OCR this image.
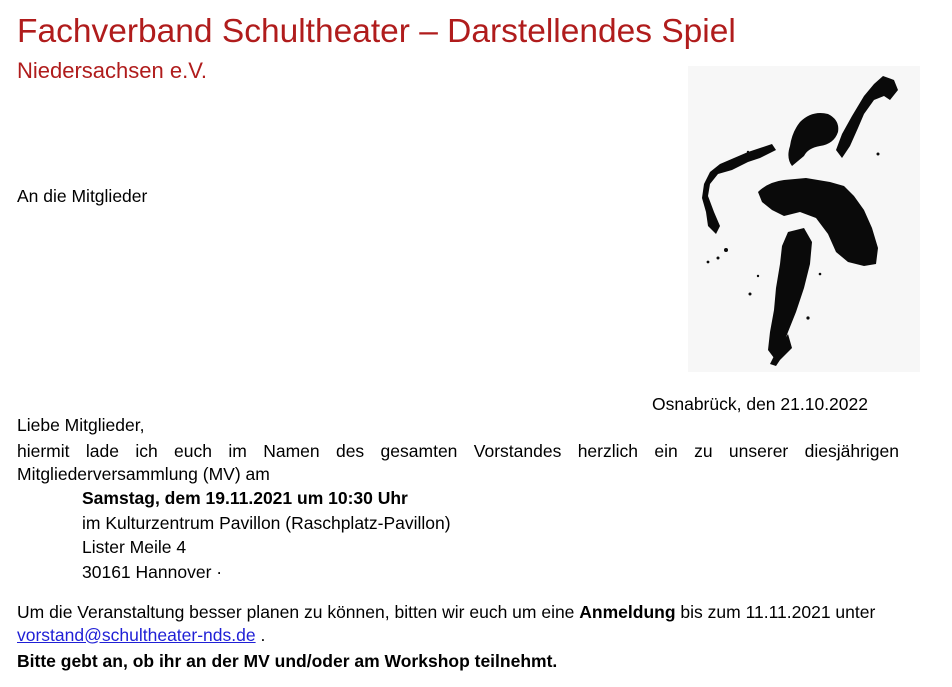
Fachverband Schultheater – Darstellendes Spiel
Niedersachsen e.V.
An die Mitglieder
Osnabrück, den 21.10.2022
Liebe Mitglieder,
hiermit lade ich euch im Namen des gesamten Vorstandes herzlich ein zu unserer diesjährigen Mitgliederversammlung (MV) am
Samstag, dem 19.11.2021 um 10:30 Uhr
im Kulturzentrum Pavillon (Raschplatz-Pavillon)
Lister Meile 4
30161 Hannover ·
Um die Veranstaltung besser planen zu können, bitten wir euch um eine Anmeldung bis zum 11.11.2021 unter vorstand@schultheater-nds.de .
Bitte gebt an, ob ihr an der MV und/oder am Workshop teilnehmt.
